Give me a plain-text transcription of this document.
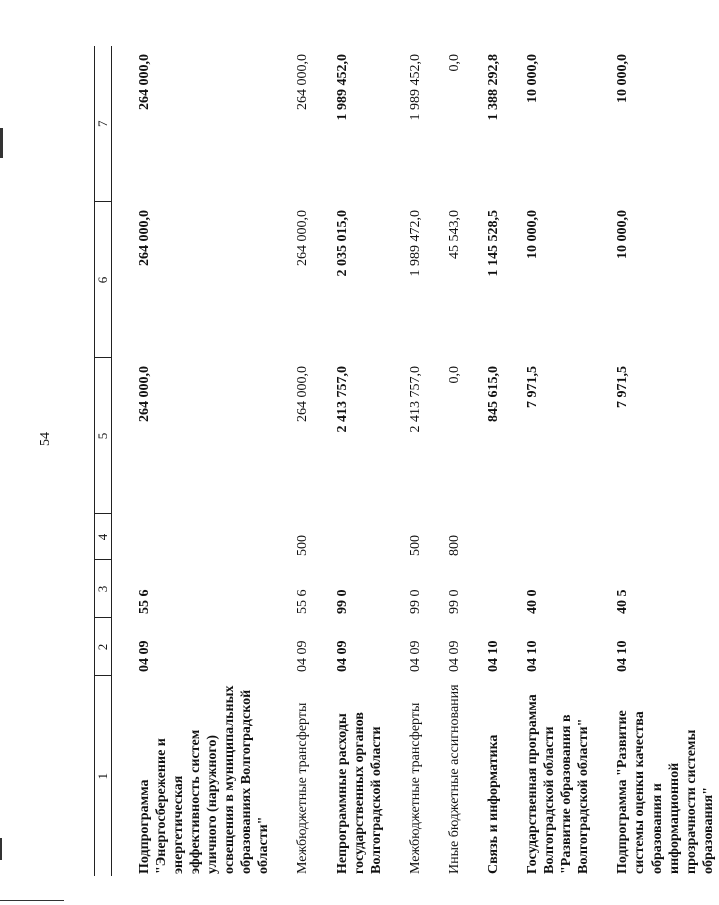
54
1	2	3	4	5	6	7

Подпрограмма "Энергосбережение и энергетическая эффективность систем уличного (наружного) освещения в муниципальных образованиях Волгоградской области"	04 09	55 6		264 000,0	264 000,0	264 000,0

Межбюджетные трансферты	04 09	55 6	500	264 000,0	264 000,0	264 000,0

Непрограммные расходы государственных органов Волгоградской области	04 09	99 0		2 413 757,0	2 035 015,0	1 989 452,0

Межбюджетные трансферты	04 09	99 0	500	2 413 757,0	1 989 472,0	1 989 452,0

Иные бюджетные ассигнования	04 09	99 0	800	0,0	45 543,0	0,0

Связь и информатика	04 10			845 615,0	1 145 528,5	1 388 292,8

Государственная программа Волгоградской области "Развитие образования в Волгоградской области"	04 10	40 0		7 971,5	10 000,0	10 000,0

Подпрограмма "Развитие системы оценки качества образования и информационной прозрачности системы образования"	04 10	40 5		7 971,5	10 000,0	10 000,0
